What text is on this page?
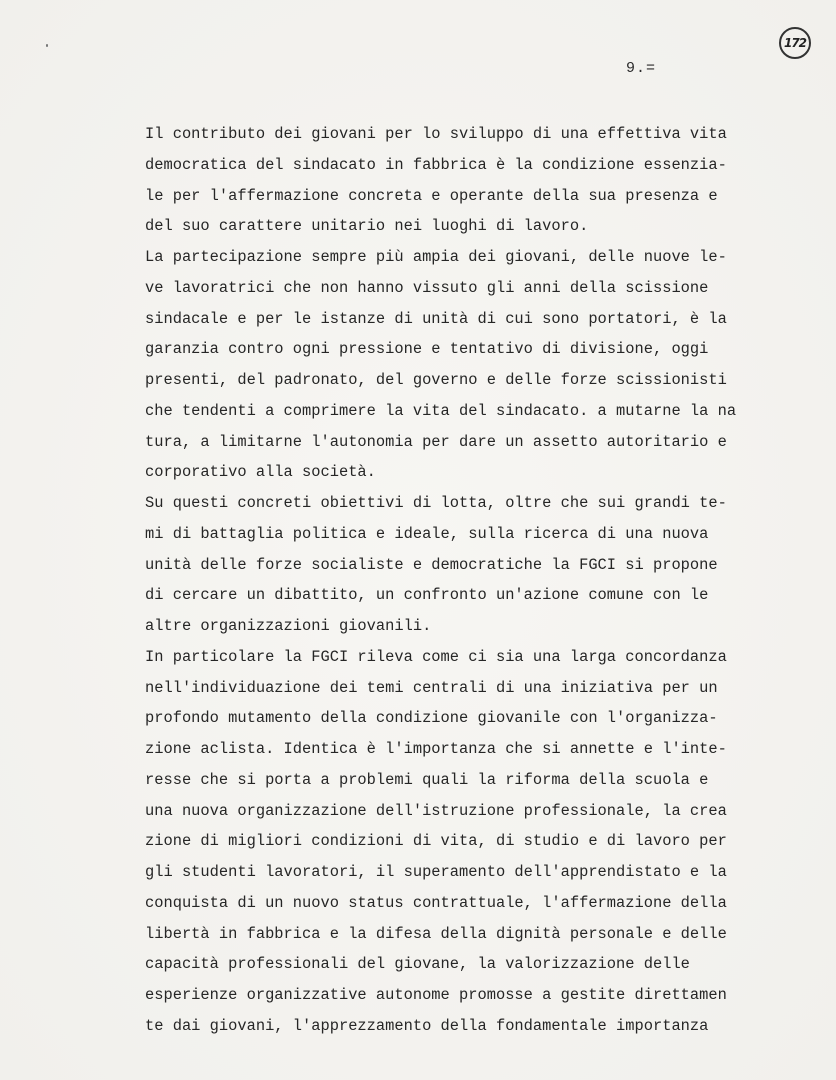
172
9.=
Il contributo dei giovani per lo sviluppo di una effettiva vita
democratica del sindacato in fabbrica è la condizione essenzia-
le per l'affermazione concreta e operante della sua presenza e
del suo carattere unitario nei luoghi di lavoro.
La partecipazione sempre più ampia dei giovani, delle nuove le-
ve lavoratrici che non hanno vissuto gli anni della scissione
sindacale e per le istanze di unità di cui sono portatori, è la
garanzia contro ogni pressione e tentativo di divisione, oggi
presenti, del padronato, del governo e delle forze scissionisti
che tendenti a comprimere la vita del sindacato. a mutarne la na
tura, a limitarne l'autonomia per dare un assetto autoritario e
corporativo alla società.
Su questi concreti obiettivi di lotta, oltre che sui grandi te-
mi di battaglia politica e ideale, sulla ricerca di una nuova
unità delle forze socialiste e democratiche la FGCI si propone
di cercare un dibattito, un confronto un'azione comune con le
altre organizzazioni giovanili.
In particolare la FGCI rileva come ci sia una larga concordanza
nell'individuazione dei temi centrali di una iniziativa per un
profondo mutamento della condizione giovanile con l'organizza-
zione aclista. Identica è l'importanza che si annette e l'inte-
resse che si porta a problemi quali la riforma della scuola e
una nuova organizzazione dell'istruzione professionale, la crea
zione di migliori condizioni di vita, di studio e di lavoro per
gli studenti lavoratori, il superamento dell'apprendistato e la
conquista di un nuovo status contrattuale, l'affermazione della
libertà in fabbrica e la difesa della dignità personale e delle
capacità professionali del giovane, la valorizzazione delle
esperienze organizzative autonome promosse a gestite direttamen
te dai giovani, l'apprezzamento della fondamentale importanza
